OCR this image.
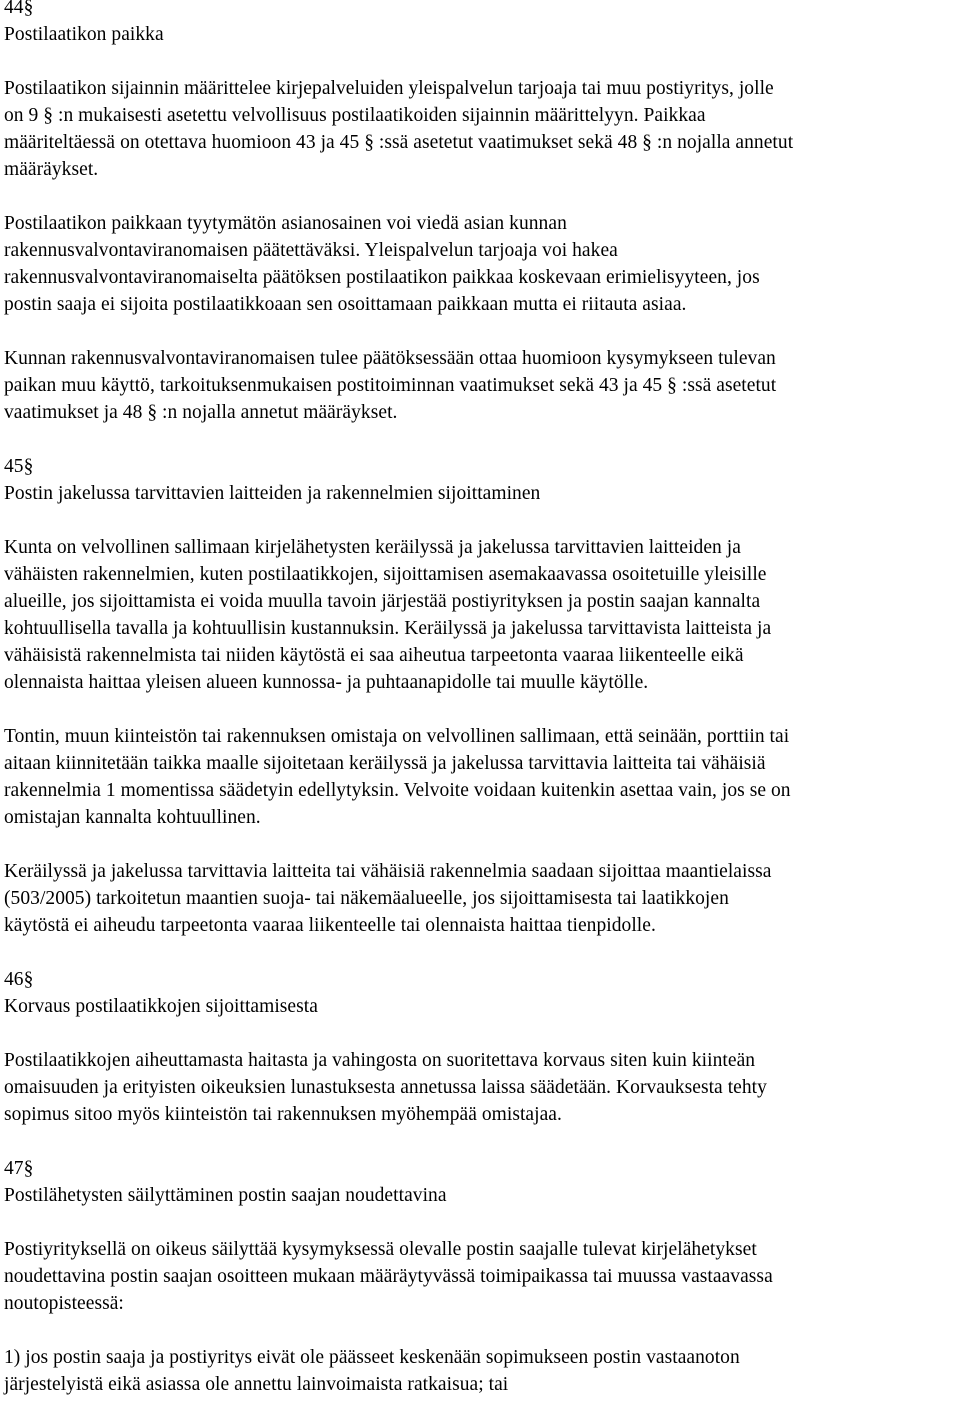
44§
Postilaatikon paikka

Postilaatikon sijainnin määrittelee kirjepalveluiden yleispalvelun tarjoaja tai muu postiyritys, jolle
on 9 § :n mukaisesti asetettu velvollisuus postilaatikoiden sijainnin määrittelyyn. Paikkaa
määriteltäessä on otettava huomioon 43 ja 45 § :ssä asetetut vaatimukset sekä 48 § :n nojalla annetut
määräykset.

Postilaatikon paikkaan tyytymätön asianosainen voi viedä asian kunnan
rakennusvalvontaviranomaisen päätettäväksi. Yleispalvelun tarjoaja voi hakea
rakennusvalvontaviranomaiselta päätöksen postilaatikon paikkaa koskevaan erimielisyyteen, jos
postin saaja ei sijoita postilaatikkoaan sen osoittamaan paikkaan mutta ei riitauta asiaa.

Kunnan rakennusvalvontaviranomaisen tulee päätöksessään ottaa huomioon kysymykseen tulevan
paikan muu käyttö, tarkoituksenmukaisen postitoiminnan vaatimukset sekä 43 ja 45 § :ssä asetetut
vaatimukset ja 48 § :n nojalla annetut määräykset.

45§
Postin jakelussa tarvittavien laitteiden ja rakennelmien sijoittaminen

Kunta on velvollinen sallimaan kirjelähetysten keräilyssä ja jakelussa tarvittavien laitteiden ja
vähäisten rakennelmien, kuten postilaatikkojen, sijoittamisen asemakaavassa osoitetuille yleisille
alueille, jos sijoittamista ei voida muulla tavoin järjestää postiyrityksen ja postin saajan kannalta
kohtuullisella tavalla ja kohtuullisin kustannuksin. Keräilyssä ja jakelussa tarvittavista laitteista ja
vähäisistä rakennelmista tai niiden käytöstä ei saa aiheutua tarpeetonta vaaraa liikenteelle eikä
olennaista haittaa yleisen alueen kunnossa- ja puhtaanapidolle tai muulle käytölle.

Tontin, muun kiinteistön tai rakennuksen omistaja on velvollinen sallimaan, että seinään, porttiin tai
aitaan kiinnitetään taikka maalle sijoitetaan keräilyssä ja jakelussa tarvittavia laitteita tai vähäisiä
rakennelmia 1 momentissa säädetyin edellytyksin. Velvoite voidaan kuitenkin asettaa vain, jos se on
omistajan kannalta kohtuullinen.

Keräilyssä ja jakelussa tarvittavia laitteita tai vähäisiä rakennelmia saadaan sijoittaa maantielaissa
(503/2005) tarkoitetun maantien suoja- tai näkemäalueelle, jos sijoittamisesta tai laatikkojen
käytöstä ei aiheudu tarpeetonta vaaraa liikenteelle tai olennaista haittaa tienpidolle.

46§
Korvaus postilaatikkojen sijoittamisesta

Postilaatikkojen aiheuttamasta haitasta ja vahingosta on suoritettava korvaus siten kuin kiinteän
omaisuuden ja erityisten oikeuksien lunastuksesta annetussa laissa säädetään. Korvauksesta tehty
sopimus sitoo myös kiinteistön tai rakennuksen myöhempää omistajaa.

47§
Postilähetysten säilyttäminen postin saajan noudettavina

Postiyrityksellä on oikeus säilyttää kysymyksessä olevalle postin saajalle tulevat kirjelähetykset
noudettavina postin saajan osoitteen mukaan määräytyvässä toimipaikassa tai muussa vastaavassa
noutopisteessä:

1) jos postin saaja ja postiyritys eivät ole päässeet keskenään sopimukseen postin vastaanoton
järjestelyistä eikä asiassa ole annettu lainvoimaista ratkaisua; tai
